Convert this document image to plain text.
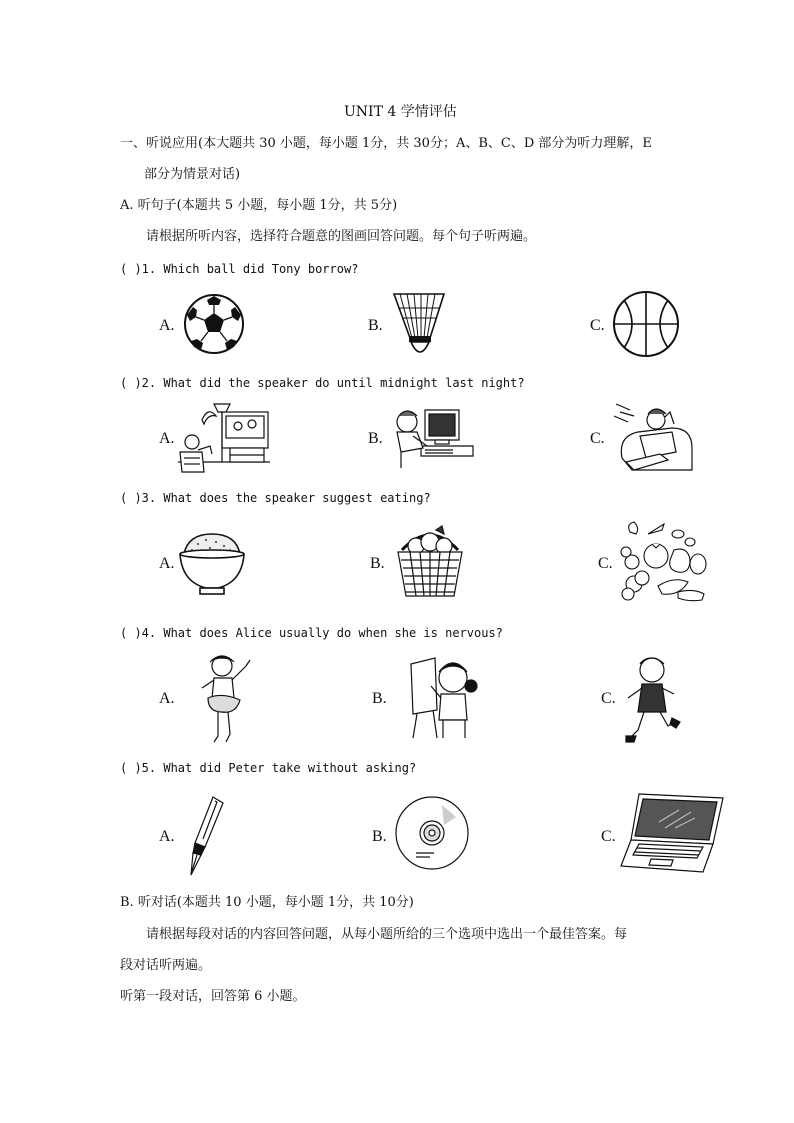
UNIT 4 学情评估
一、听说应用(本大题共 30 小题，每小题 1分，共 30分；A、B、C、D 部分为听力理解，E
部分为情景对话)
A. 听句子(本题共 5 小题，每小题 1分，共 5分)
请根据所听内容，选择符合题意的图画回答问题。每个句子听两遍。
( )1. Which ball did Tony borrow?
A.	B.	C.
( )2. What did the speaker do until midnight last night?
A.	B.	C.
( )3. What does the speaker suggest eating?
A.	B.	C.
( )4. What does Alice usually do when she is nervous?
A.	B.	C.
( )5. What did Peter take without asking?
A.	B.	C.
B. 听对话(本题共 10 小题，每小题 1分，共 10分)
请根据每段对话的内容回答问题，从每小题所给的三个选项中选出一个最佳答案。每
段对话听两遍。
听第一段对话，回答第 6 小题。
